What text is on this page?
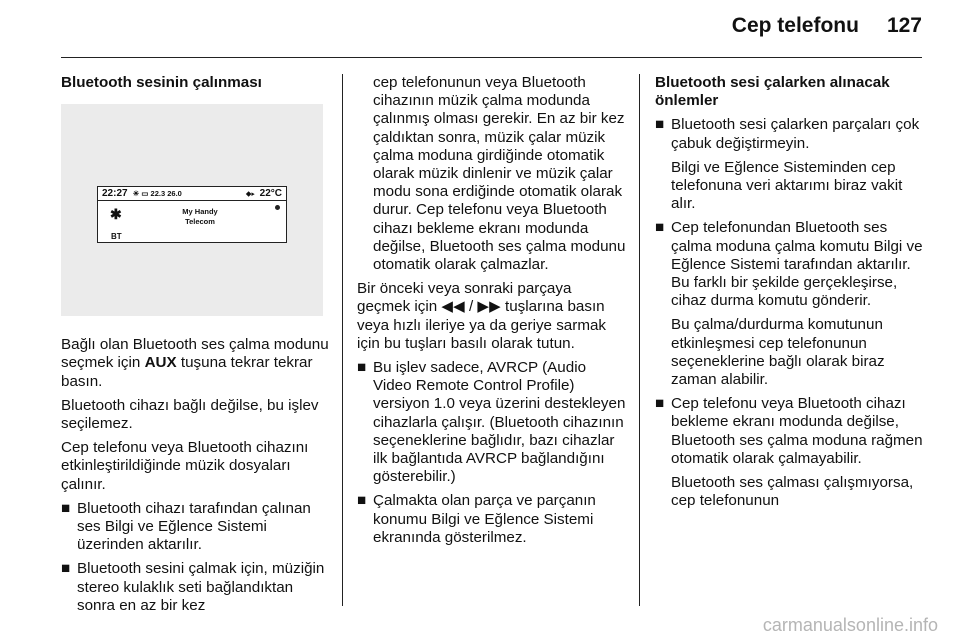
Cep telefonu 127

Bluetooth sesinin çalınması

22:27 ☀ ▭ 22.3 26.0	⬥▸ 22°C
✱
BT
My Handy
Telecom

Bağlı olan Bluetooth ses çalma modunu seçmek için AUX tuşuna tekrar tekrar basın.

Bluetooth cihazı bağlı değilse, bu işlev seçilemez.

Cep telefonu veya Bluetooth cihazını etkinleştirildiğinde müzik dosyaları çalınır.

■ Bluetooth cihazı tarafından çalınan ses Bilgi ve Eğlence Sistemi üzerinden aktarılır.
■ Bluetooth sesini çalmak için, müziğin stereo kulaklık seti bağlandıktan sonra en az bir kez
cep telefonunun veya Bluetooth cihazının müzik çalma modunda çalınmış olması gerekir. En az bir kez çaldıktan sonra, müzik çalar müzik çalma moduna girdiğinde otomatik olarak müzik dinlenir ve müzik çalar modu sona erdiğinde otomatik olarak durur. Cep telefonu veya Bluetooth cihazı bekleme ekranı modunda değilse, Bluetooth ses çalma modunu otomatik olarak çalmazlar.

Bir önceki veya sonraki parçaya geçmek için ◀◀ / ▶▶ tuşlarına basın veya hızlı ileriye ya da geriye sarmak için bu tuşları basılı olarak tutun.

■ Bu işlev sadece, AVRCP (Audio Video Remote Control Profile) versiyon 1.0 veya üzerini destekleyen cihazlarla çalışır. (Bluetooth cihazının seçeneklerine bağlıdır, bazı cihazlar ilk bağlantıda AVRCP bağlandığını gösterebilir.)
■ Çalmakta olan parça ve parçanın konumu Bilgi ve Eğlence Sistemi ekranında gösterilmez.

Bluetooth sesi çalarken alınacak önlemler

■ Bluetooth sesi çalarken parçaları çok çabuk değiştirmeyin.
Bilgi ve Eğlence Sisteminden cep telefonuna veri aktarımı biraz vakit alır.
■ Cep telefonundan Bluetooth ses çalma moduna çalma komutu Bilgi ve Eğlence Sistemi tarafından aktarılır. Bu farklı bir şekilde gerçekleşirse, cihaz durma komutu gönderir.
Bu çalma/durdurma komutunun etkinleşmesi cep telefonunun seçeneklerine bağlı olarak biraz zaman alabilir.
■ Cep telefonu veya Bluetooth cihazı bekleme ekranı modunda değilse, Bluetooth ses çalma moduna rağmen otomatik olarak çalmayabilir.
Bluetooth ses çalması çalışmıyorsa, cep telefonunun
carmanualsonline.info
